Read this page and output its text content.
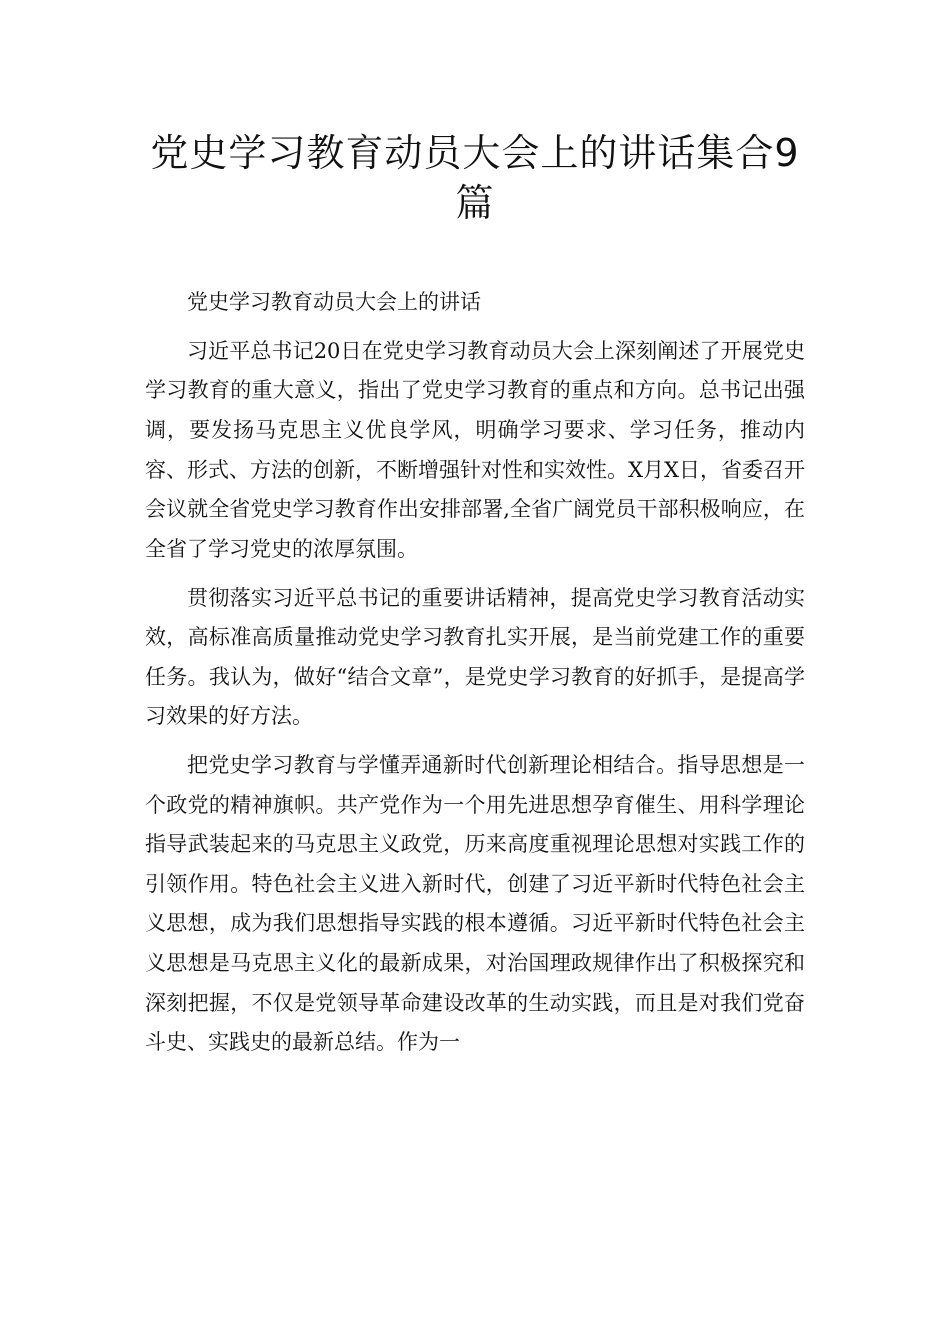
党史学习教育动员大会上的讲话集合9篇

党史学习教育动员大会上的讲话

习近平总书记20日在党史学习教育动员大会上深刻阐述了开展党史学习教育的重大意义，指出了党史学习教育的重点和方向。总书记出强调，要发扬马克思主义优良学风，明确学习要求、学习任务，推动内容、形式、方法的创新，不断增强针对性和实效性。X月X日，省委召开会议就全省党史学习教育作出安排部署,全省广阔党员干部积极响应，在全省了学习党史的浓厚氛围。

贯彻落实习近平总书记的重要讲话精神，提高党史学习教育活动实效，高标准高质量推动党史学习教育扎实开展，是当前党建工作的重要任务。我认为，做好“结合文章”，是党史学习教育的好抓手，是提高学习效果的好方法。

把党史学习教育与学懂弄通新时代创新理论相结合。指导思想是一个政党的精神旗帜。共产党作为一个用先进思想孕育催生、用科学理论指导武装起来的马克思主义政党，历来高度重视理论思想对实践工作的引领作用。特色社会主义进入新时代，创建了习近平新时代特色社会主义思想，成为我们思想指导实践的根本遵循。习近平新时代特色社会主义思想是马克思主义化的最新成果，对治国理政规律作出了积极探究和深刻把握，不仅是党领导革命建设改革的生动实践，而且是对我们党奋斗史、实践史的最新总结。作为一
